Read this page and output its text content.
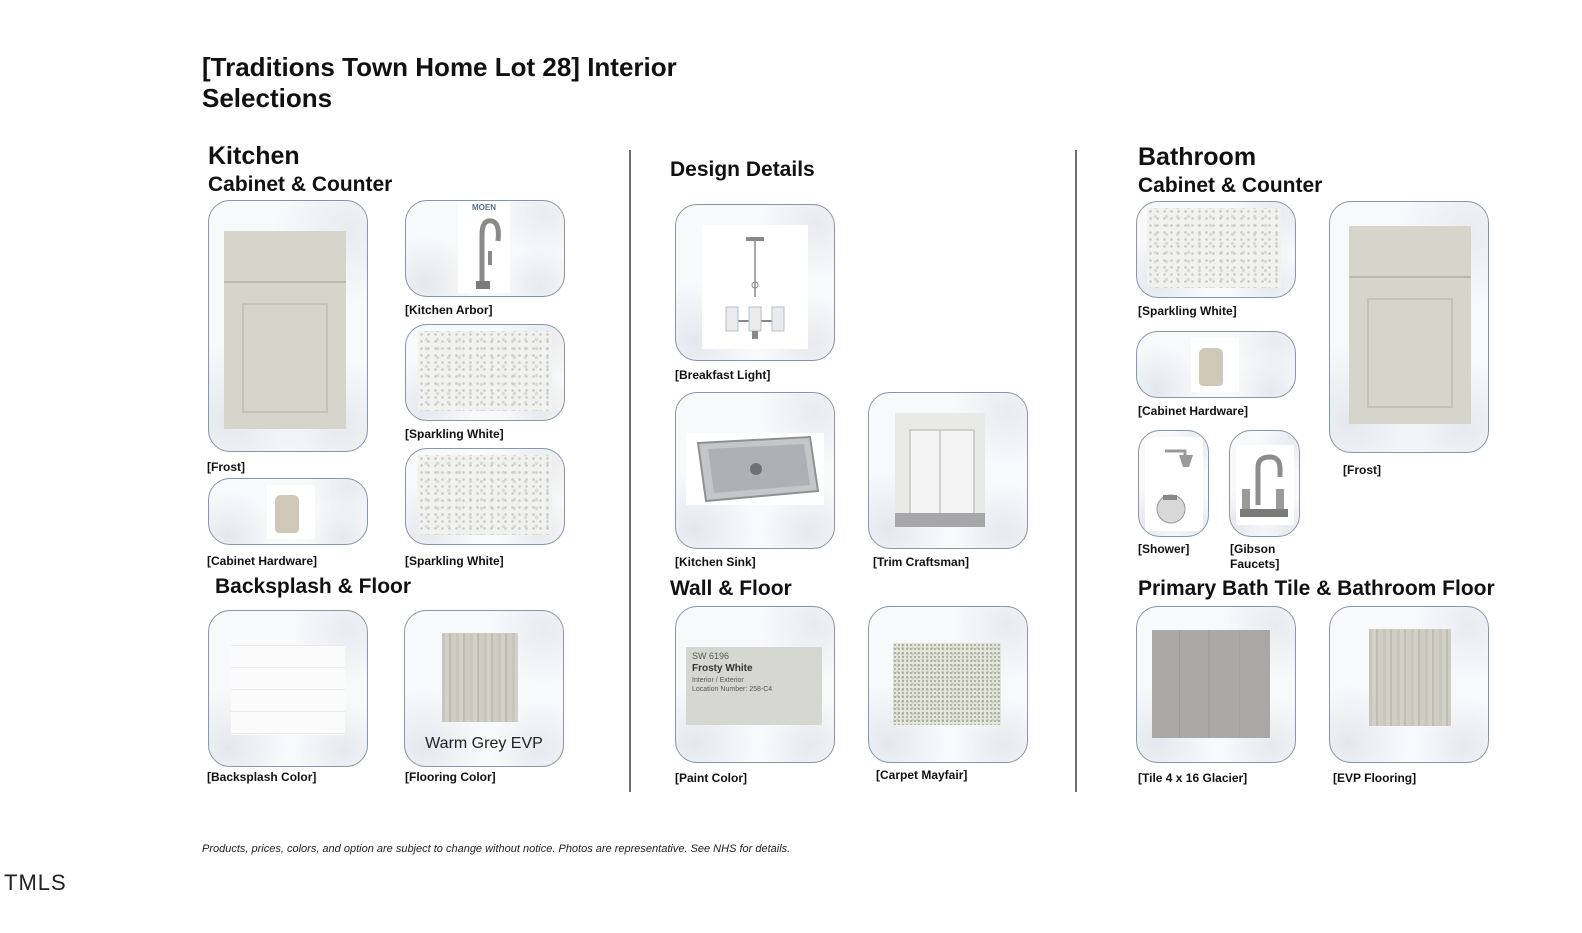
[Traditions Town Home Lot 28] Interior Selections
Kitchen
Cabinet & Counter
[Frost]
MOEN
[Kitchen Arbor]
[Sparkling White]
[Cabinet Hardware]	[Sparkling White]
Backsplash & Floor
[Backsplash Color]
Warm Grey EVP
[Flooring Color]
Design Details
[Breakfast Light]
[Kitchen Sink]	[Trim Craftsman]
Wall & Floor
SW 6196
Frosty White
Interior / Exterior
Location Number: 258-C4
[Paint Color]	[Carpet Mayfair]
Bathroom
Cabinet & Counter
[Sparkling White]
[Cabinet Hardware]
[Frost]
[Shower]	[Gibson Faucets]
Primary Bath Tile & Bathroom Floor
[Tile 4 x 16 Glacier]	[EVP Flooring]
Products, prices, colors, and option are subject to change without notice. Photos are representative. See NHS for details.
TMLS
